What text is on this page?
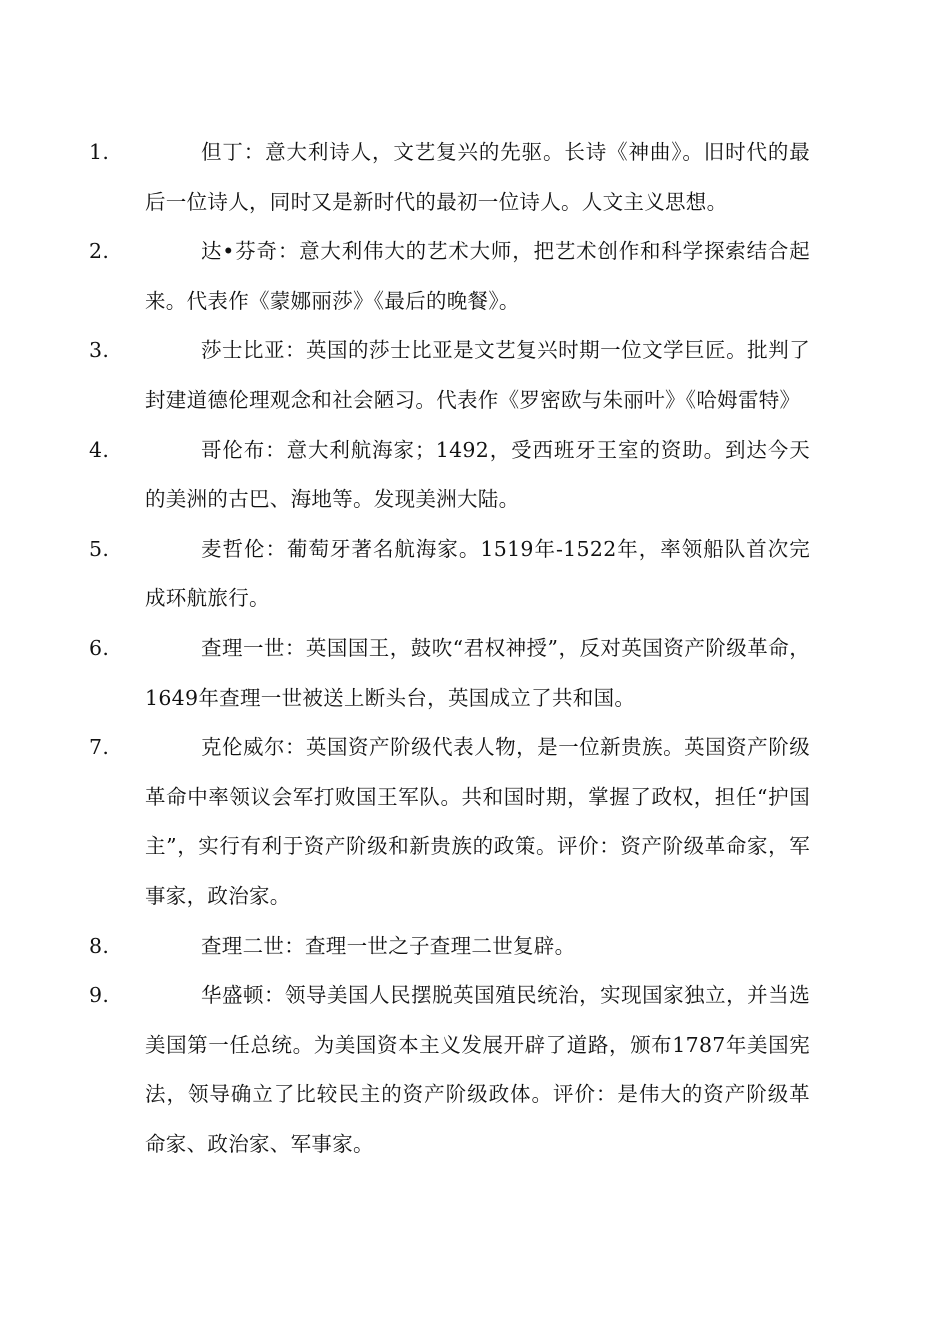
1.	但丁：意大利诗人，文艺复兴的先驱。长诗《神曲》。旧时代的最后一位诗人，同时又是新时代的最初一位诗人。人文主义思想。
2.	达•芬奇：意大利伟大的艺术大师，把艺术创作和科学探索结合起来。代表作《蒙娜丽莎》《最后的晚餐》。
3.	莎士比亚：英国的莎士比亚是文艺复兴时期一位文学巨匠。批判了封建道德伦理观念和社会陋习。代表作《罗密欧与朱丽叶》《哈姆雷特》
4.	哥伦布：意大利航海家；1492，受西班牙王室的资助。到达今天的美洲的古巴、海地等。发现美洲大陆。
5.	麦哲伦：葡萄牙著名航海家。1519年-1522年，率领船队首次完成环航旅行。
6.	查理一世：英国国王，鼓吹“君权神授”，反对英国资产阶级革命，1649年查理一世被送上断头台，英国成立了共和国。
7.	克伦威尔：英国资产阶级代表人物，是一位新贵族。英国资产阶级革命中率领议会军打败国王军队。共和国时期，掌握了政权，担任“护国主”，实行有利于资产阶级和新贵族的政策。评价：资产阶级革命家，军事家，政治家。
8.	查理二世：查理一世之子查理二世复辟。
9.	华盛顿：领导美国人民摆脱英国殖民统治，实现国家独立，并当选美国第一任总统。为美国资本主义发展开辟了道路，颁布1787年美国宪法，领导确立了比较民主的资产阶级政体。评价：是伟大的资产阶级革命家、政治家、军事家。
